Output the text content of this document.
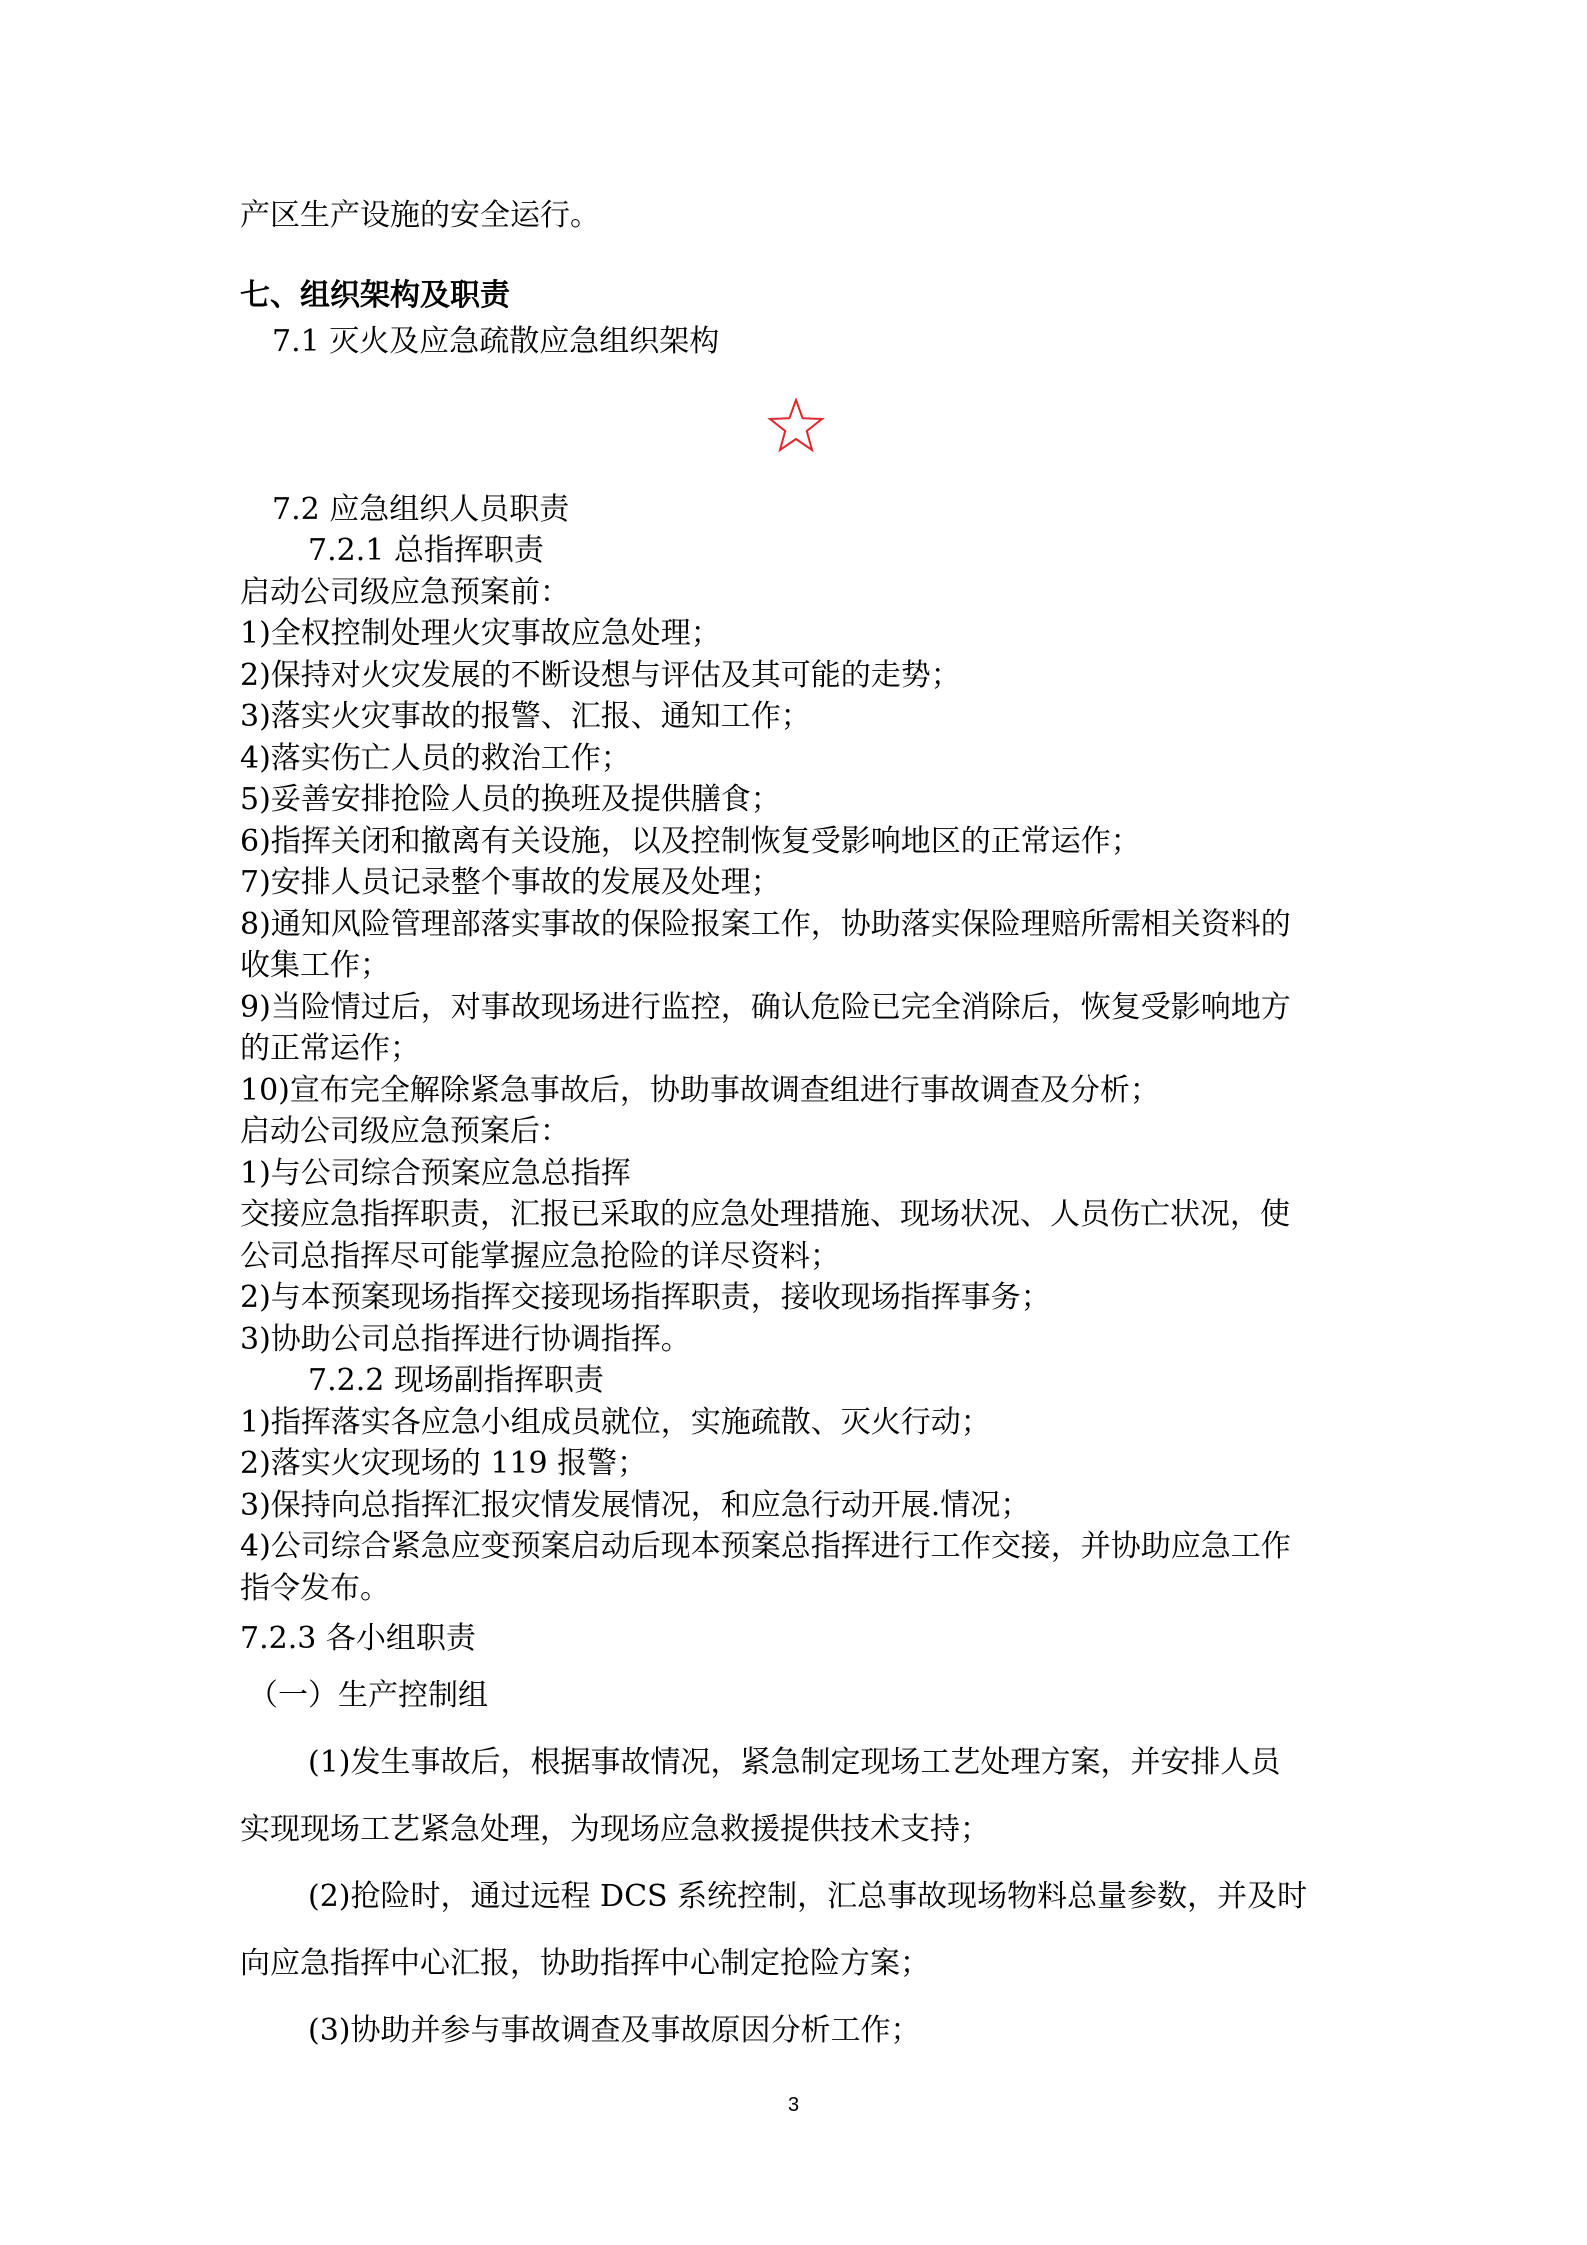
产区生产设施的安全运行。
七、组织架构及职责
7.1 灭火及应急疏散应急组织架构
7.2 应急组织人员职责
7.2.1 总指挥职责
启动公司级应急预案前：
1)全权控制处理火灾事故应急处理；
2)保持对火灾发展的不断设想与评估及其可能的走势；
3)落实火灾事故的报警、汇报、通知工作；
4)落实伤亡人员的救治工作；
5)妥善安排抢险人员的换班及提供膳食；
6)指挥关闭和撤离有关设施，以及控制恢复受影响地区的正常运作；
7)安排人员记录整个事故的发展及处理；
8)通知风险管理部落实事故的保险报案工作，协助落实保险理赔所需相关资料的
收集工作；
9)当险情过后，对事故现场进行监控，确认危险已完全消除后，恢复受影响地方
的正常运作；
10)宣布完全解除紧急事故后，协助事故调查组进行事故调查及分析；
启动公司级应急预案后：
1)与公司综合预案应急总指挥
交接应急指挥职责，汇报已采取的应急处理措施、现场状况、人员伤亡状况，使
公司总指挥尽可能掌握应急抢险的详尽资料；
2)与本预案现场指挥交接现场指挥职责，接收现场指挥事务；
3)协助公司总指挥进行协调指挥。
7.2.2 现场副指挥职责
1)指挥落实各应急小组成员就位，实施疏散、灭火行动；
2)落实火灾现场的 119 报警；
3)保持向总指挥汇报灾情发展情况，和应急行动开展.情况；
4)公司综合紧急应变预案启动后现本预案总指挥进行工作交接，并协助应急工作
指令发布。
7.2.3 各小组职责
（一）生产控制组
(1)发生事故后，根据事故情况，紧急制定现场工艺处理方案，并安排人员
实现现场工艺紧急处理，为现场应急救援提供技术支持；
(2)抢险时，通过远程 DCS 系统控制，汇总事故现场物料总量参数，并及时
向应急指挥中心汇报，协助指挥中心制定抢险方案；
(3)协助并参与事故调查及事故原因分析工作；
3
